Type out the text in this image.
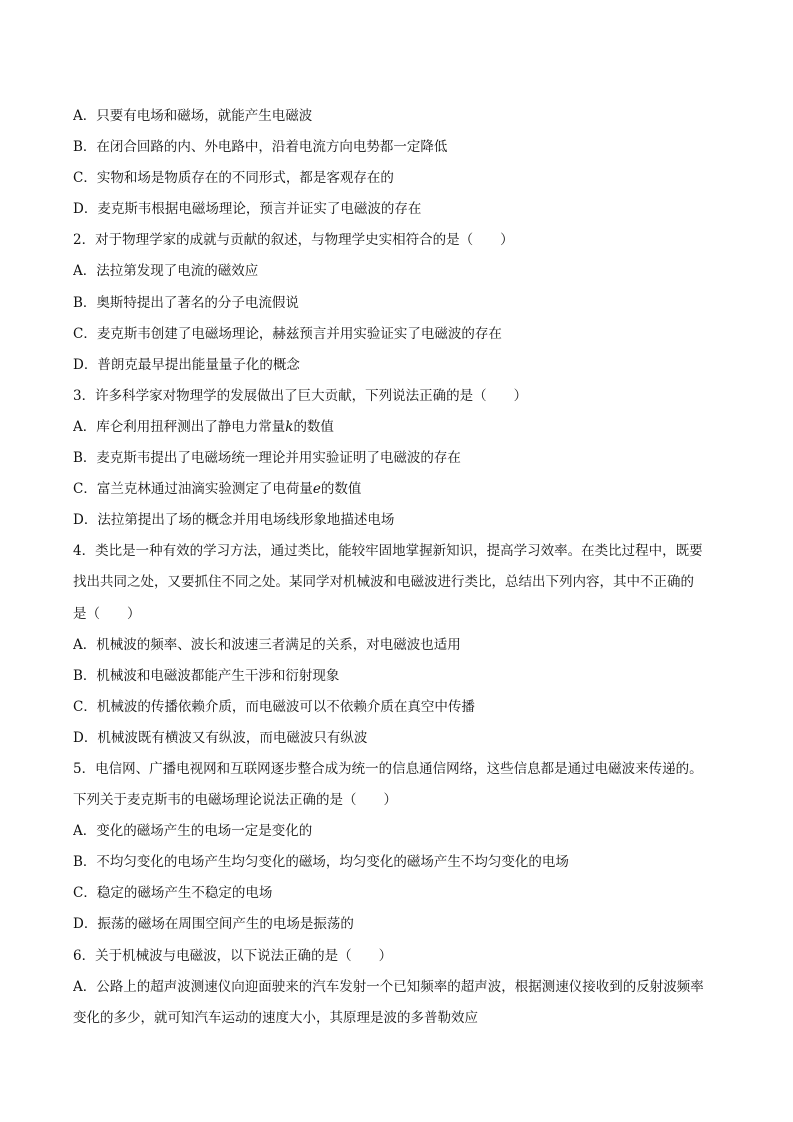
A．只要有电场和磁场，就能产生电磁波
B．在闭合回路的内、外电路中，沿着电流方向电势都一定降低
C．实物和场是物质存在的不同形式，都是客观存在的
D．麦克斯韦根据电磁场理论，预言并证实了电磁波的存在
2．对于物理学家的成就与贡献的叙述，与物理学史实相符合的是（　　）
A．法拉第发现了电流的磁效应
B．奥斯特提出了著名的分子电流假说
C．麦克斯韦创建了电磁场理论，赫兹预言并用实验证实了电磁波的存在
D．普朗克最早提出能量量子化的概念
3．许多科学家对物理学的发展做出了巨大贡献，下列说法正确的是（　　）
A．库仑利用扭秤测出了静电力常量k的数值
B．麦克斯韦提出了电磁场统一理论并用实验证明了电磁波的存在
C．富兰克林通过油滴实验测定了电荷量e的数值
D．法拉第提出了场的概念并用电场线形象地描述电场
4．类比是一种有效的学习方法，通过类比，能较牢固地掌握新知识，提高学习效率。在类比过程中，既要
找出共同之处，又要抓住不同之处。某同学对机械波和电磁波进行类比，总结出下列内容，其中不正确的
是（　　）
A．机械波的频率、波长和波速三者满足的关系，对电磁波也适用
B．机械波和电磁波都能产生干涉和衍射现象
C．机械波的传播依赖介质，而电磁波可以不依赖介质在真空中传播
D．机械波既有横波又有纵波，而电磁波只有纵波
5．电信网、广播电视网和互联网逐步整合成为统一的信息通信网络，这些信息都是通过电磁波来传递的。
下列关于麦克斯韦的电磁场理论说法正确的是（　　）
A．变化的磁场产生的电场一定是变化的
B．不均匀变化的电场产生均匀变化的磁场，均匀变化的磁场产生不均匀变化的电场
C．稳定的磁场产生不稳定的电场
D．振荡的磁场在周围空间产生的电场是振荡的
6．关于机械波与电磁波，以下说法正确的是（　　）
A．公路上的超声波测速仪向迎面驶来的汽车发射一个已知频率的超声波，根据测速仪接收到的反射波频率
变化的多少，就可知汽车运动的速度大小，其原理是波的多普勒效应
